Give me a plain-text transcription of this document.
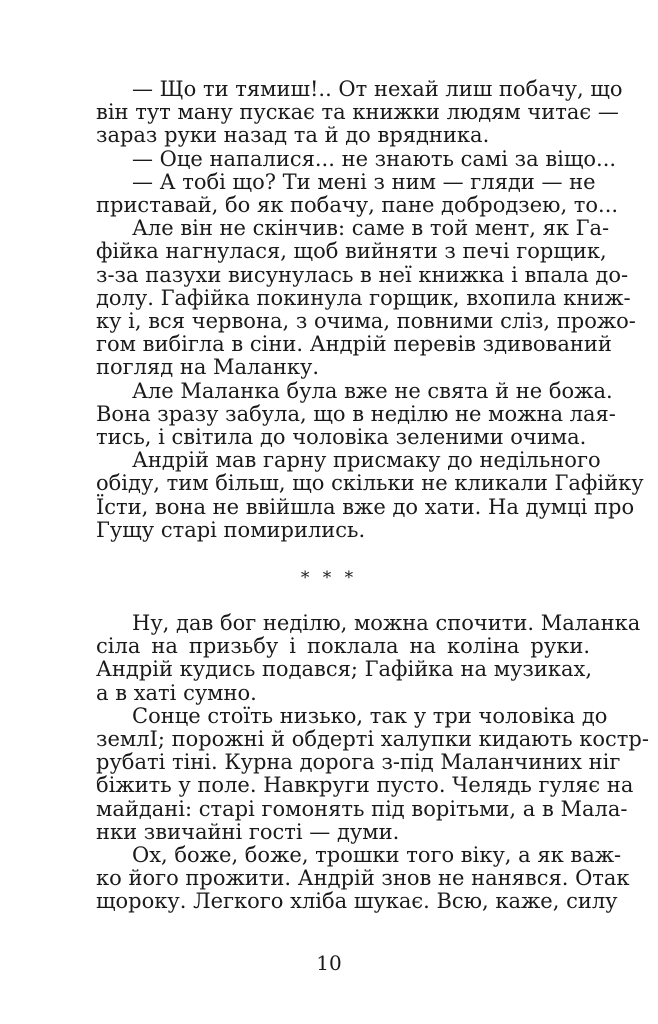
— Що ти тямиш!.. От нехай лиш побачу, що
він тут ману пускає та книжки людям читає —
зараз руки назад та й до врядника.
— Оце напалися... не знають самі за віщо...
— А тобі що? Ти мені з ним — гляди — не
приставай, бо як побачу, пане добродзею, то...
Але він не скінчив: саме в той мент, як Га-
фійка нагнулася, щоб вийняти з печі горщик,
з-за пазухи висунулась в неї книжка і впала до-
долу. Гафійка покинула горщик, вхопила книж-
ку і, вся червона, з очима, повними сліз, прожо-
гом вибігла в сіни. Андрій перевів здивований
погляд на Маланку.
Але Маланка була вже не свята й не божа.
Вона зразу забула, що в неділю не можна лая-
тись, і світила до чоловіка зеленими очима.
Андрій мав гарну присмаку до недільного
обіду, тим більш, що скільки не кликали Гафійку
Їсти, вона не ввійшла вже до хати. На думці про
Гущу старі помирились.
* * *
Ну, дав бог неділю, можна спочити. Маланка
сіла на призьбу і поклала на коліна руки.
Андрій кудись подався; Гафійка на музиках,
а в хаті сумно.
Сонце стоїть низько, так у три чоловіка до
землІ; порожні й обдерті халупки кидають костр-
рубаті тіні. Курна дорога з-під Маланчиних ніг
біжить у поле. Навкруги пусто. Челядь гуляє на
майдані: старі гомонять під ворітьми, а в Мала-
нки звичайні гості — думи.
Ох, боже, боже, трошки того віку, а як важ-
ко його прожити. Андрій знов не нанявся. Отак
щороку. Легкого хліба шукає. Всю, каже, силу
10
